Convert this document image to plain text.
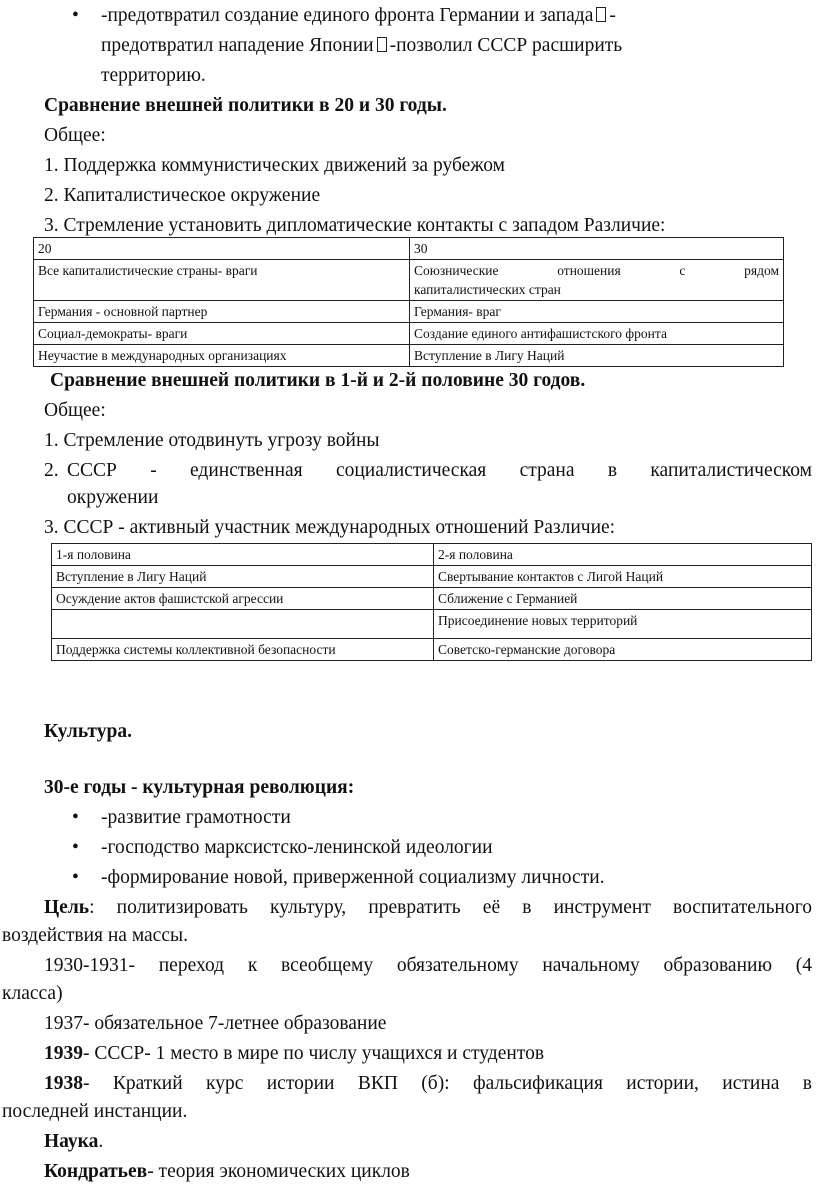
• -предотвратил создание единого фронта Германии и запада -
предотвратил нападение Японии -позволил СССР расширить
территорию.
Сравнение внешней политики в 20 и 30 годы.
Общее:
1. Поддержка коммунистических движений за рубежом
2. Капиталистическое окружение
3. Стремление установить дипломатические контакты с западом Различие:
20	30
Все капиталистические страны- враги	Союзнические отношения с рядом
капиталистических стран

Германия - основной партнер	Германия- враг
Социал-демократы- враги	Создание единого антифашистского фронта
Неучастие в международных организациях	Вступление в Лигу Наций
Сравнение внешней политики в 1-й и 2-й половине 30 годов.
Общее:
1. Стремление отодвинуть угрозу войны
2. СССР - единственная социалистическая страна в капиталистическом
окружении
3. СССР - активный участник международных отношений Различие:
1-я половина	2-я половина
Вступление в Лигу Наций	Свертывание контактов с Лигой Наций
Осуждение актов фашистской агрессии	Сближение с Германией
	Присоединение новых территорий
Поддержка системы коллективной безопасности	Советско-германские договора
Культура.
30-е годы - культурная революция:
• -развитие грамотности
• -господство марксистско-ленинской идеологии
• -формирование новой, приверженной социализму личности.
Цель: политизировать культуру, превратить её в инструмент воспитательного
воздействия на массы.
1930-1931- переход к всеобщему обязательному начальному образованию (4
класса)
1937- обязательное 7-летнее образование
1939- СССР- 1 место в мире по числу учащихся и студентов
1938- Краткий курс истории ВКП (б): фальсификация истории, истина в
последней инстанции.
Наука.
Кондратьев- теория экономических циклов
